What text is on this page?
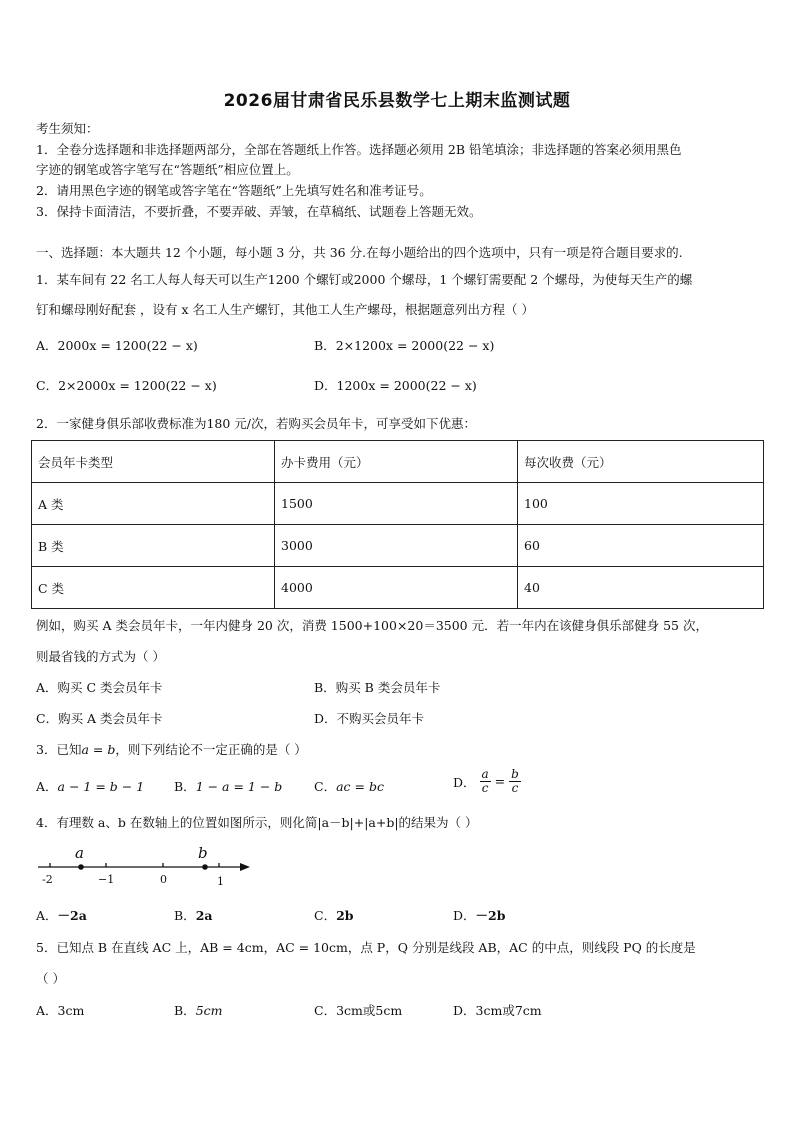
2026届甘肃省民乐县数学七上期末监测试题
考生须知：
1．全卷分选择题和非选择题两部分，全部在答题纸上作答。选择题必须用 2B 铅笔填涂；非选择题的答案必须用黑色
字迹的钢笔或答字笔写在“答题纸”相应位置上。
2．请用黑色字迹的钢笔或答字笔在“答题纸”上先填写姓名和准考证号。
3．保持卡面清洁，不要折叠，不要弄破、弄皱，在草稿纸、试题卷上答题无效。
一、选择题：本大题共 12 个小题，每小题 3 分，共 36 分.在每小题给出的四个选项中，只有一项是符合题目要求的.
1．某车间有 22 名工人每人每天可以生产1200 个螺钉或2000 个螺母，1 个螺钉需要配 2 个螺母，为使每天生产的螺
钉和螺母刚好配套 ，设有 x 名工人生产螺钉，其他工人生产螺母，根据题意列出方程（ ）
A．2000x = 1200(22 − x)	B．2×1200x = 2000(22 − x)
C．2×2000x = 1200(22 − x)	D．1200x = 2000(22 − x)
2．一家健身俱乐部收费标准为180 元/次，若购买会员年卡，可享受如下优惠：
会员年卡类型	办卡费用（元）	每次收费（元）
A 类	1500	100
B 类	3000	60
C 类	4000	40
例如，购买 A 类会员年卡，一年内健身 20 次，消费 1500+100×20＝3500 元．若一年内在该健身俱乐部健身 55 次，
则最省钱的方式为（ ）
A．购买 C 类会员年卡	B．购买 B 类会员年卡
C．购买 A 类会员年卡	D．不购买会员年卡
3．已知a = b，则下列结论不一定正确的是（ ）
A．a − 1 = b − 1 B．1 − a = 1 − b	C．ac = bc	D． $\frac{a}{c} = \frac{b}{c}$
4．有理数 a、b 在数轴上的位置如图所示，则化简|a－b|+|a+b|的结果为（ ）
a	b
-2	−1	0	1
A．－2a	B．2a	C．2b	D．－2b
5．已知点 B 在直线 AC 上，AB = 4cm，AC = 10cm，点 P，Q 分别是线段 AB，AC 的中点，则线段 PQ 的长度是
（ ）
A．3cm	B．5cm	C．3cm或5cm	D．3cm或7cm
